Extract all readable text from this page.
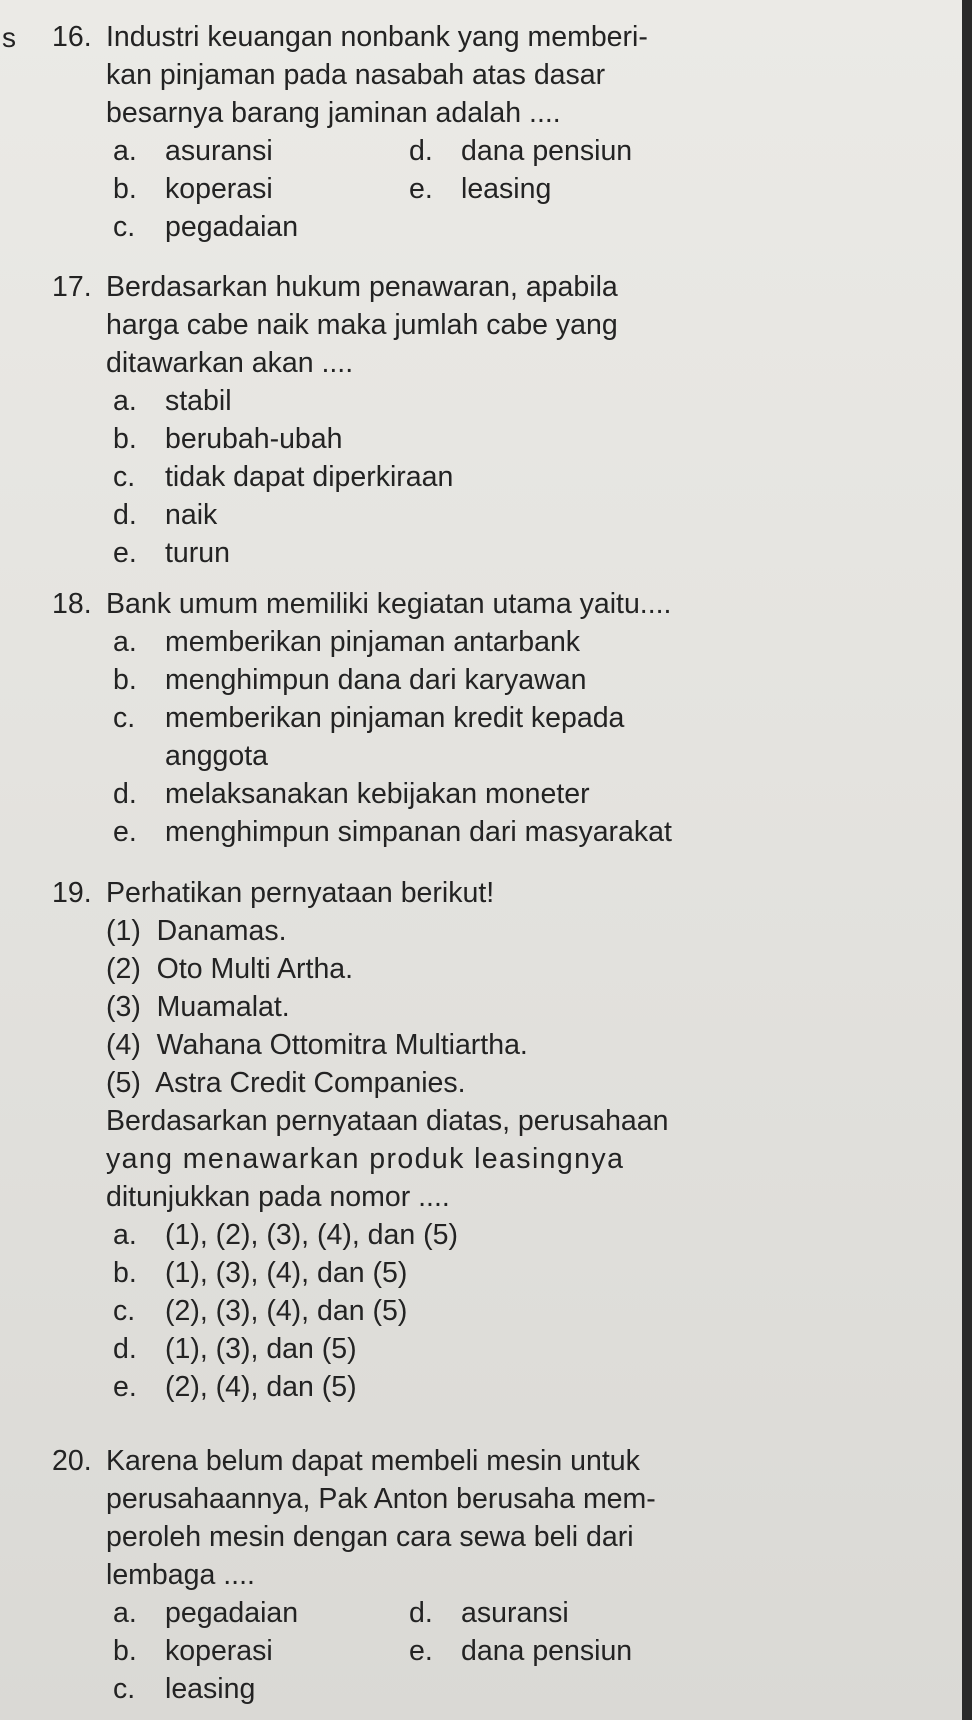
s 16. Industri keuangan nonbank yang memberi-
kan pinjaman pada nasabah atas dasar
besarnya barang jaminan adalah ....
a. asuransi	d. dana pensiun
b. koperasi	e. leasing
c. pegadaian
17. Berdasarkan hukum penawaran, apabila
harga cabe naik maka jumlah cabe yang
ditawarkan akan ....
a. stabil
b. berubah-ubah
c. tidak dapat diperkiraan
d. naik
e. turun
18. Bank umum memiliki kegiatan utama yaitu....
a. memberikan pinjaman antarbank
b. menghimpun dana dari karyawan
c. memberikan pinjaman kredit kepada
anggota
d. melaksanakan kebijakan moneter
e. menghimpun simpanan dari masyarakat
19. Perhatikan pernyataan berikut!
(1)  Danamas.
(2)  Oto Multi Artha.
(3)  Muamalat.
(4)  Wahana Ottomitra Multiartha.
(5)  Astra Credit Companies.
Berdasarkan pernyataan diatas, perusahaan
yang menawarkan produk leasingnya
ditunjukkan pada nomor ....
a. (1), (2), (3), (4), dan (5)
b. (1), (3), (4), dan (5)
c. (2), (3), (4), dan (5)
d. (1), (3), dan (5)
e. (2), (4), dan (5)
20. Karena belum dapat membeli mesin untuk
perusahaannya, Pak Anton berusaha mem-
peroleh mesin dengan cara sewa beli dari
lembaga ....
a. pegadaian	d. asuransi
b. koperasi	e. dana pensiun
c. leasing
